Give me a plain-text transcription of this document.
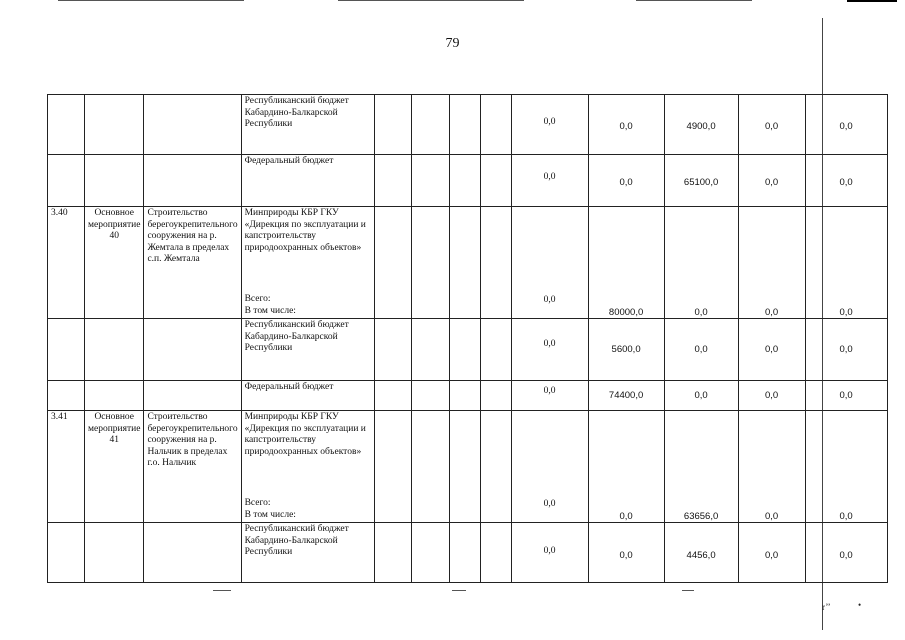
r’’	•
79

			Республиканский бюджет Кабардино-Балкарской Республики					0,0	0,0	4900,0	0,0	0,0

			Федеральный бюджет					0,0	0,0	65100,0	0,0	0,0

3.40	Основное мероприятие 40	Строительство берегоукрепительного сооружения на р. Жемтала в пределах с.п. Жемтала	Минприроды КБР ГКУ «Дирекция по эксплуатации и капстроительству природоохранных объектов»
Всего:
В том числе:					0,0	80000,0	0,0	0,0	0,0

			Республиканский бюджет Кабардино-Балкарской Республики					0,0	5600,0	0,0	0,0	0,0

			Федеральный бюджет					0,0	74400,0	0,0	0,0	0,0

3.41	Основное мероприятие 41	Строительство берегоукрепительного сооружения на р. Нальчик в пределах г.о. Нальчик	Минприроды КБР ГКУ «Дирекция по эксплуатации и капстроительству природоохранных объектов»
Всего:
В том числе:					0,0	0,0	63656,0	0,0	0,0

			Республиканский бюджет Кабардино-Балкарской Республики					0,0	0,0	4456,0	0,0	0,0
